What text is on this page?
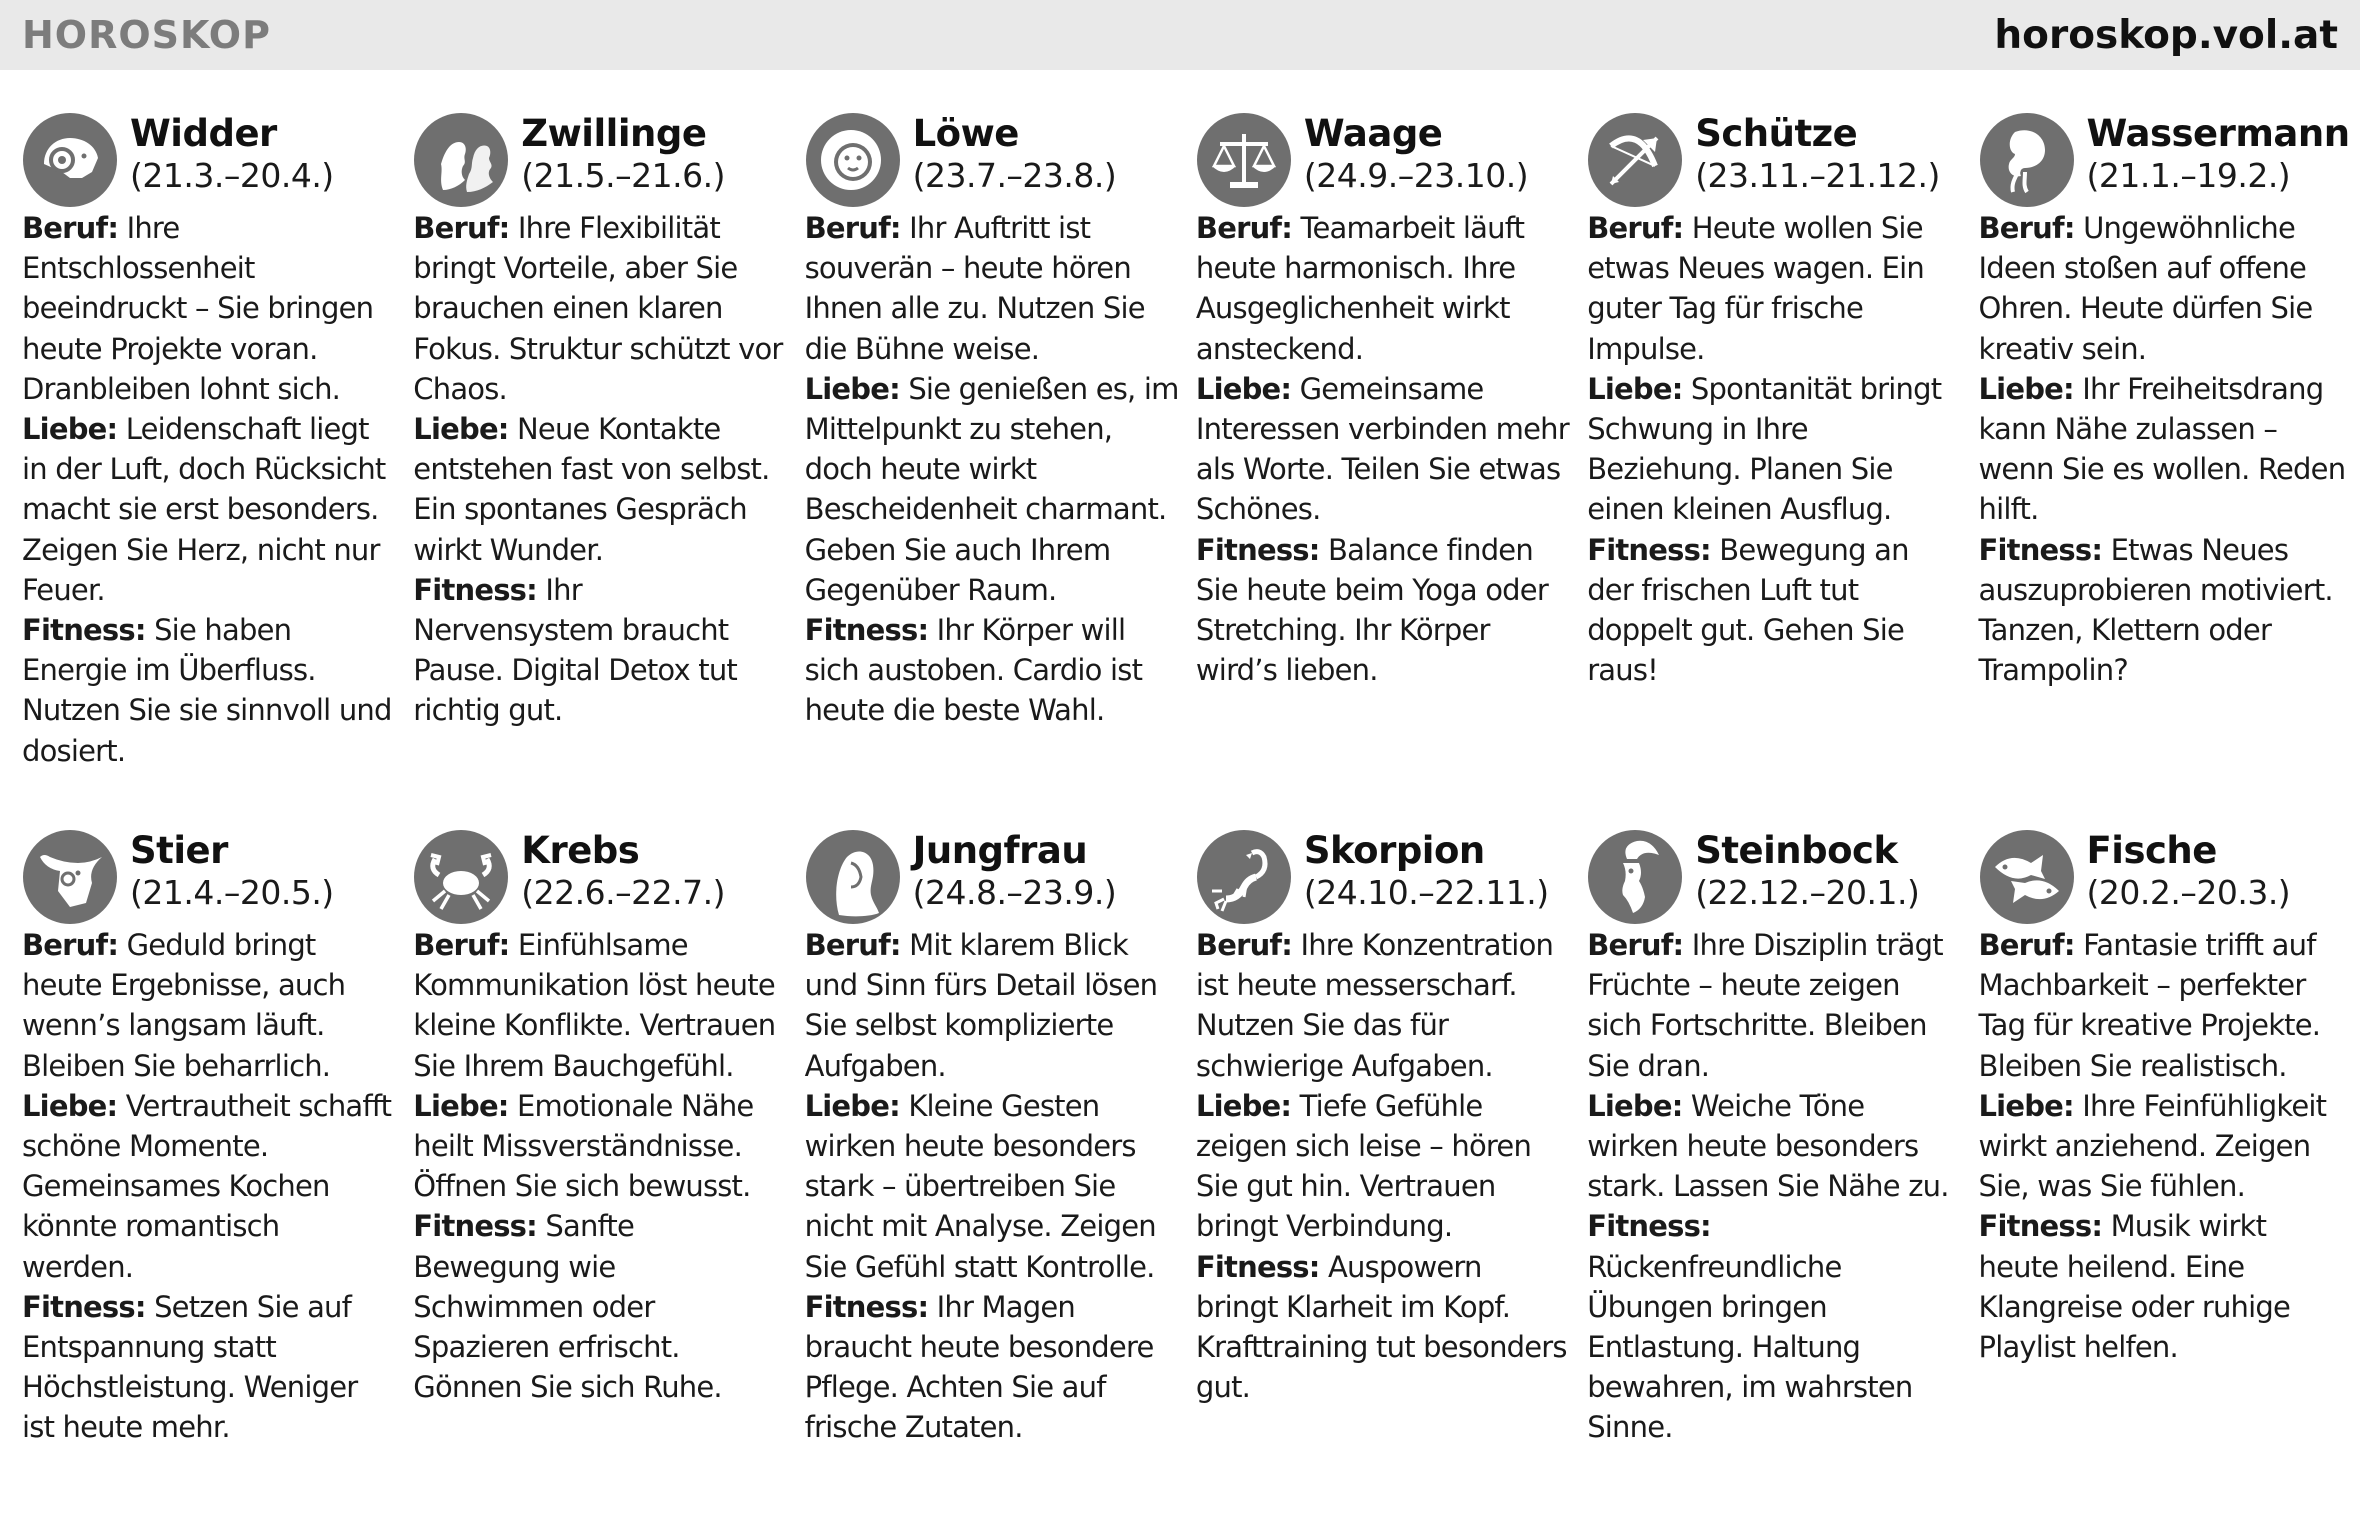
HOROSKOP	horoskop.vol.at
Widder
(21.3.–20.4.)
Beruf: Ihre Entschlossenheit beeindruckt – Sie bringen heute Projekte voran. Dranbleiben lohnt sich.
Liebe: Leidenschaft liegt in der Luft, doch Rücksicht macht sie erst besonders. Zeigen Sie Herz, nicht nur Feuer.
Fitness: Sie haben Energie im Überfluss. Nutzen Sie sie sinnvoll und dosiert.
Zwillinge
(21.5.–21.6.)
Beruf: Ihre Flexibilität bringt Vorteile, aber Sie brauchen einen klaren Fokus. Struktur schützt vor Chaos.
Liebe: Neue Kontakte entstehen fast von selbst. Ein spontanes Gespräch wirkt Wunder.
Fitness: Ihr Nervensystem braucht Pause. Digital Detox tut richtig gut.
Löwe
(23.7.–23.8.)
Beruf: Ihr Auftritt ist souverän – heute hören Ihnen alle zu. Nutzen Sie die Bühne weise.
Liebe: Sie genießen es, im Mittelpunkt zu stehen, doch heute wirkt Bescheidenheit charmant. Geben Sie auch Ihrem Gegenüber Raum.
Fitness: Ihr Körper will sich austoben. Cardio ist heute die beste Wahl.
Waage
(24.9.–23.10.)
Beruf: Teamarbeit läuft heute harmonisch. Ihre Ausgeglichenheit wirkt ansteckend.
Liebe: Gemeinsame Interessen verbinden mehr als Worte. Teilen Sie etwas Schönes.
Fitness: Balance finden Sie heute beim Yoga oder Stretching. Ihr Körper wird’s lieben.
Schütze
(23.11.–21.12.)
Beruf: Heute wollen Sie etwas Neues wagen. Ein guter Tag für frische Impulse.
Liebe: Spontanität bringt Schwung in Ihre Beziehung. Planen Sie einen kleinen Ausflug.
Fitness: Bewegung an der frischen Luft tut doppelt gut. Gehen Sie raus!
Wassermann
(21.1.–19.2.)
Beruf: Ungewöhnliche Ideen stoßen auf offene Ohren. Heute dürfen Sie kreativ sein.
Liebe: Ihr Freiheitsdrang kann Nähe zulassen – wenn Sie es wollen. Reden hilft.
Fitness: Etwas Neues auszuprobieren motiviert. Tanzen, Klettern oder Trampolin?
Stier
(21.4.–20.5.)
Beruf: Geduld bringt heute Ergebnisse, auch wenn’s langsam läuft. Bleiben Sie beharrlich.
Liebe: Vertrautheit schafft schöne Momente. Gemeinsames Kochen könnte romantisch werden.
Fitness: Setzen Sie auf Entspannung statt Höchstleistung. Weniger ist heute mehr.
Krebs
(22.6.–22.7.)
Beruf: Einfühlsame Kommunikation löst heute kleine Konflikte. Vertrauen Sie Ihrem Bauchgefühl.
Liebe: Emotionale Nähe heilt Missverständnisse. Öffnen Sie sich bewusst.
Fitness: Sanfte Bewegung wie Schwimmen oder Spazieren erfrischt. Gönnen Sie sich Ruhe.
Jungfrau
(24.8.–23.9.)
Beruf: Mit klarem Blick und Sinn fürs Detail lösen Sie selbst komplizierte Aufgaben.
Liebe: Kleine Gesten wirken heute besonders stark – übertreiben Sie nicht mit Analyse. Zeigen Sie Gefühl statt Kontrolle.
Fitness: Ihr Magen braucht heute besondere Pflege. Achten Sie auf frische Zutaten.
Skorpion
(24.10.–22.11.)
Beruf: Ihre Konzentration ist heute messerscharf. Nutzen Sie das für schwierige Aufgaben.
Liebe: Tiefe Gefühle zeigen sich leise – hören Sie gut hin. Vertrauen bringt Verbindung.
Fitness: Auspowern bringt Klarheit im Kopf. Krafttraining tut besonders gut.
Steinbock
(22.12.–20.1.)
Beruf: Ihre Disziplin trägt Früchte – heute zeigen sich Fortschritte. Bleiben Sie dran.
Liebe: Weiche Töne wirken heute besonders stark. Lassen Sie Nähe zu.
Fitness: Rückenfreundliche Übungen bringen Entlastung. Haltung bewahren, im wahrsten Sinne.
Fische
(20.2.–20.3.)
Beruf: Fantasie trifft auf Machbarkeit – perfekter Tag für kreative Projekte. Bleiben Sie realistisch.
Liebe: Ihre Feinfühligkeit wirkt anziehend. Zeigen Sie, was Sie fühlen.
Fitness: Musik wirkt heute heilend. Eine Klangreise oder ruhige Playlist helfen.
